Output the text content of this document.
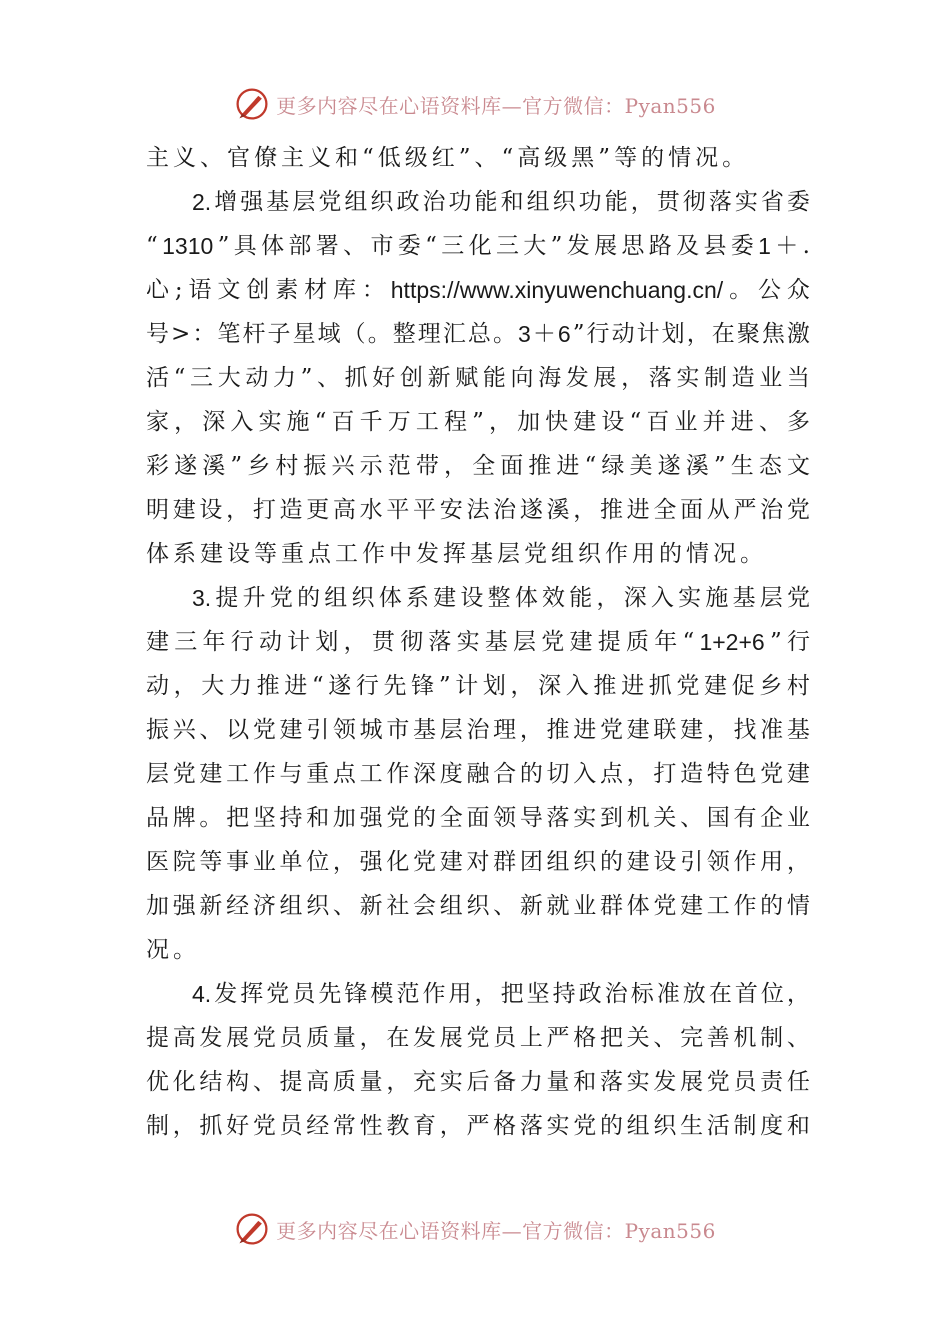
更多内容尽在心语资料库—官方微信：Pyan556
主 义 、 官 僚 主 义 和 “ 低 级 红 ” 、 “ 高 级 黑 ” 等 的 情 况 。
2. 增 强 基 层 党 组 织 政 治 功 能 和 组 织 功 能 ， 贯 彻 落 实 省 委
“ 1310 ” 具 体 部 署 、 市 委 “ 三 化 三 大 ” 发 展 思 路 及 县 委 1 ＋ .
心 ; 语 文 创 素 材 库 ： https://www.xinyuwenchuang.cn/ 。 公 众
号 > ： 笔 杆 子 星 域 （ 。 整 理 汇 总 。 3 ＋ 6 ” 行 动 计 划 ， 在 聚 焦 激
活 “ 三 大 动 力 ” 、 抓 好 创 新 赋 能 向 海 发 展 ， 落 实 制 造 业 当
家 ， 深 入 实 施 “ 百 千 万 工 程 ” ， 加 快 建 设 “ 百 业 并 进 、 多
彩 遂 溪 ” 乡 村 振 兴 示 范 带 ， 全 面 推 进 “ 绿 美 遂 溪 ” 生 态 文
明 建 设 ， 打 造 更 高 水 平 平 安 法 治 遂 溪 ， 推 进 全 面 从 严 治 党
体 系 建 设 等 重 点 工 作 中 发 挥 基 层 党 组 织 作 用 的 情 况 。
3. 提 升 党 的 组 织 体 系 建 设 整 体 效 能 ， 深 入 实 施 基 层 党
建 三 年 行 动 计 划 ， 贯 彻 落 实 基 层 党 建 提 质 年 “ 1+2+6 ” 行
动 ， 大 力 推 进 “ 遂 行 先 锋 ” 计 划 ， 深 入 推 进 抓 党 建 促 乡 村
振 兴 、 以 党 建 引 领 城 市 基 层 治 理 ， 推 进 党 建 联 建 ， 找 准 基
层 党 建 工 作 与 重 点 工 作 深 度 融 合 的 切 入 点 ， 打 造 特 色 党 建
品 牌 。 把 坚 持 和 加 强 党 的 全 面 领 导 落 实 到 机 关 、 国 有 企 业
医 院 等 事 业 单 位 ， 强 化 党 建 对 群 团 组 织 的 建 设 引 领 作 用 ，
加 强 新 经 济 组 织 、 新 社 会 组 织 、 新 就 业 群 体 党 建 工 作 的 情
况 。
4. 发 挥 党 员 先 锋 模 范 作 用 ， 把 坚 持 政 治 标 准 放 在 首 位 ，
提 高 发 展 党 员 质 量 ， 在 发 展 党 员 上 严 格 把 关 、 完 善 机 制 、
优 化 结 构 、 提 高 质 量 ， 充 实 后 备 力 量 和 落 实 发 展 党 员 责 任
制 ， 抓 好 党 员 经 常 性 教 育 ， 严 格 落 实 党 的 组 织 生 活 制 度 和
更多内容尽在心语资料库—官方微信：Pyan556
